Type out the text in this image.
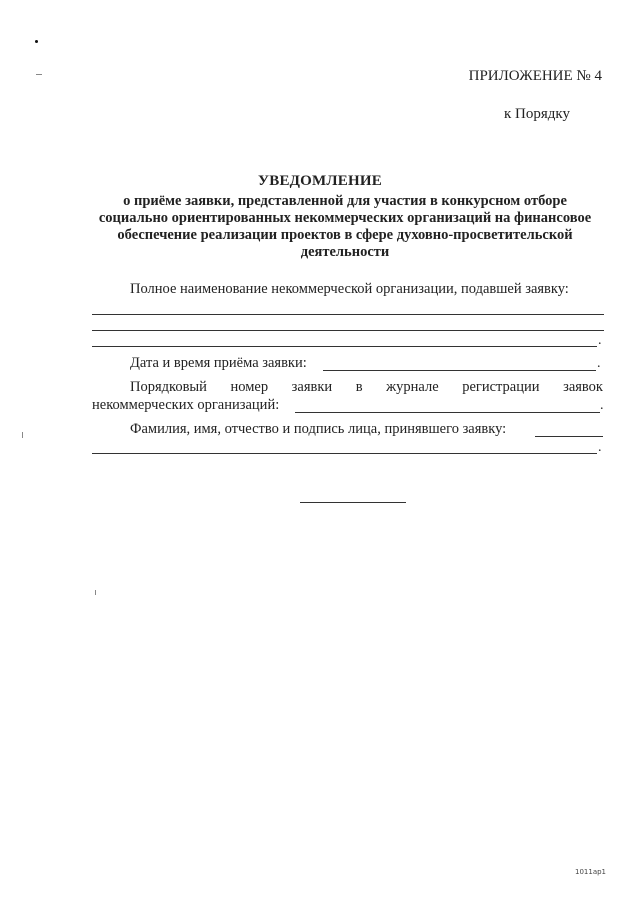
ПРИЛОЖЕНИЕ № 4
к Порядку
УВЕДОМЛЕНИЕ
о приёме заявки, представленной для участия в конкурсном отборе социально ориентированных некоммерческих организаций на финансовое обеспечение реализации проектов в сфере духовно-просветительской деятельности
Полное наименование некоммерческой организации, подавшей заявку:
.
Дата и время приёма заявки:	.
Порядковый номер заявки в журнале регистрации заявок
некоммерческих организаций:	.
Фамилия, имя, отчество и подпись лица, принявшего заявку:
.
1011ap1
